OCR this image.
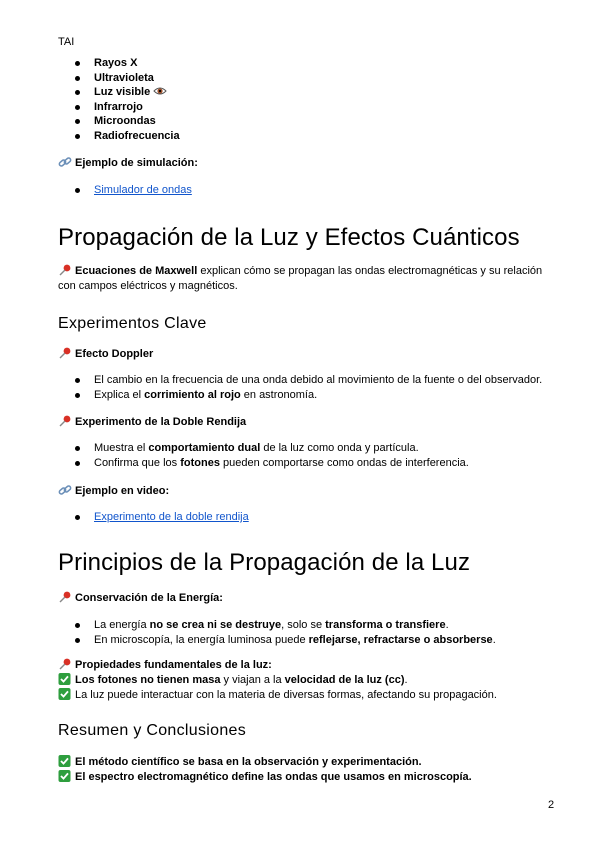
TAI
Rayos X
Ultravioleta
Luz visible
Infrarrojo
Microondas
Radiofrecuencia
Ejemplo de simulación:
Simulador de ondas
Propagación de la Luz y Efectos Cuánticos
Ecuaciones de Maxwell explican cómo se propagan las ondas electromagnéticas y su relación
con campos eléctricos y magnéticos.
Experimentos Clave
Efecto Doppler
El cambio en la frecuencia de una onda debido al movimiento de la fuente o del observador.
Explica el corrimiento al rojo en astronomía.
Experimento de la Doble Rendija
Muestra el comportamiento dual de la luz como onda y partícula.
Confirma que los fotones pueden comportarse como ondas de interferencia.
Ejemplo en video:
Experimento de la doble rendija
Principios de la Propagación de la Luz
Conservación de la Energía:
La energía no se crea ni se destruye, solo se transforma o transfiere.
En microscopía, la energía luminosa puede reflejarse, refractarse o absorberse.
Propiedades fundamentales de la luz:
Los fotones no tienen masa y viajan a la velocidad de la luz (cc).
La luz puede interactuar con la materia de diversas formas, afectando su propagación.
Resumen y Conclusiones
El método científico se basa en la observación y experimentación.
El espectro electromagnético define las ondas que usamos en microscopía.
2
